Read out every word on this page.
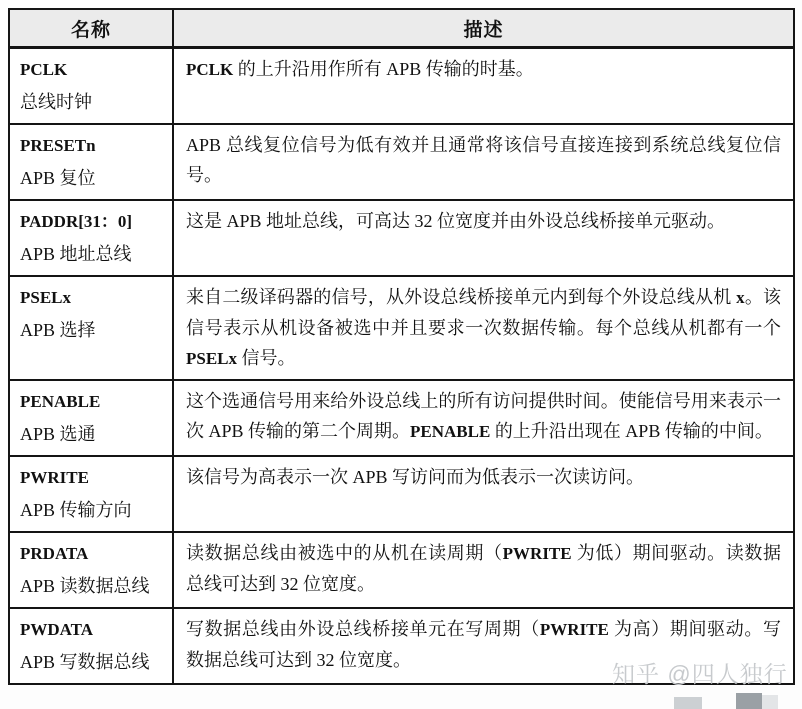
名称	描述

PCLK
总线时钟	PCLK 的上升沿用作所有 APB 传输的时基。

PRESETn
APB 复位	APB 总线复位信号为低有效并且通常将该信号直接连接到系统总线复位信号。

PADDR[31：0]
APB 地址总线	这是 APB 地址总线，可高达 32 位宽度并由外设总线桥接单元驱动。

PSELx
APB 选择	来自二级译码器的信号，从外设总线桥接单元内到每个外设总线从机 x。该信号表示从机设备被选中并且要求一次数据传输。每个总线从机都有一个 PSELx 信号。

PENABLE
APB 选通	这个选通信号用来给外设总线上的所有访问提供时间。使能信号用来表示一次 APB 传输的第二个周期。PENABLE 的上升沿出现在 APB 传输的中间。

PWRITE
APB 传输方向	该信号为高表示一次 APB 写访问而为低表示一次读访问。

PRDATA
APB 读数据总线	读数据总线由被选中的从机在读周期（PWRITE 为低）期间驱动。读数据总线可达到 32 位宽度。

PWDATA
APB 写数据总线	写数据总线由外设总线桥接单元在写周期（PWRITE 为高）期间驱动。写数据总线可达到 32 位宽度。
知乎 @四人独行
